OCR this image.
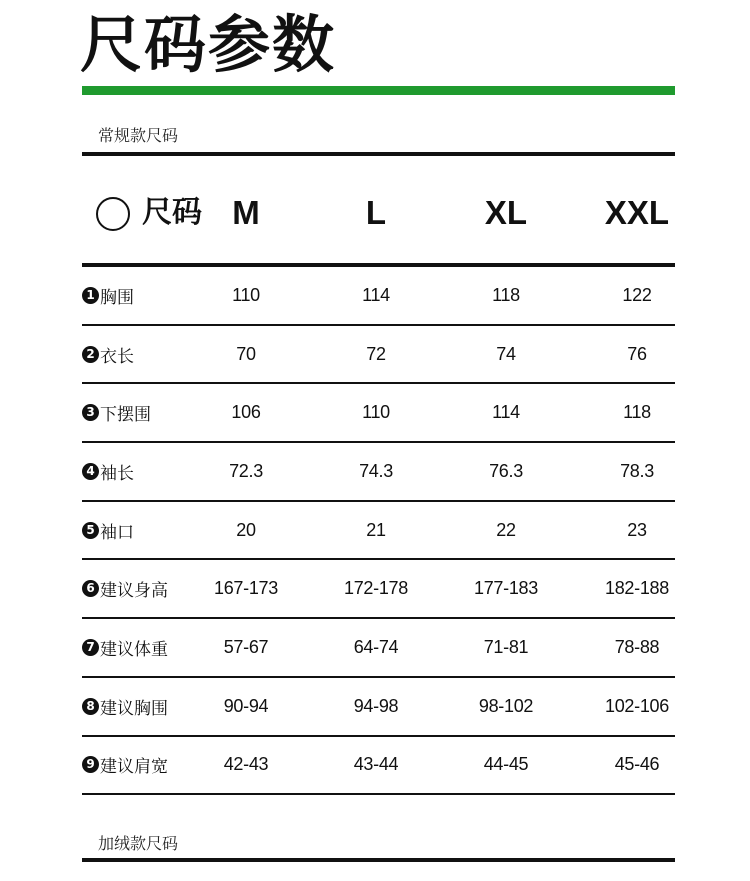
尺码参数
常规款尺码
尺码 M	L	XL	XXL
1 胸围	110	114	118	122
2 衣长	70	72	74	76
3 下摆围	106	110	114	118
4 袖长	72.3	74.3	76.3	78.3
5 袖口	20	21	22	23
6 建议身高	167-173	172-178	177-183	182-188
7 建议体重	57-67	64-74	71-81	78-88
8 建议胸围	90-94	94-98	98-102	102-106
9 建议肩宽	42-43	43-44	44-45	45-46
加绒款尺码
